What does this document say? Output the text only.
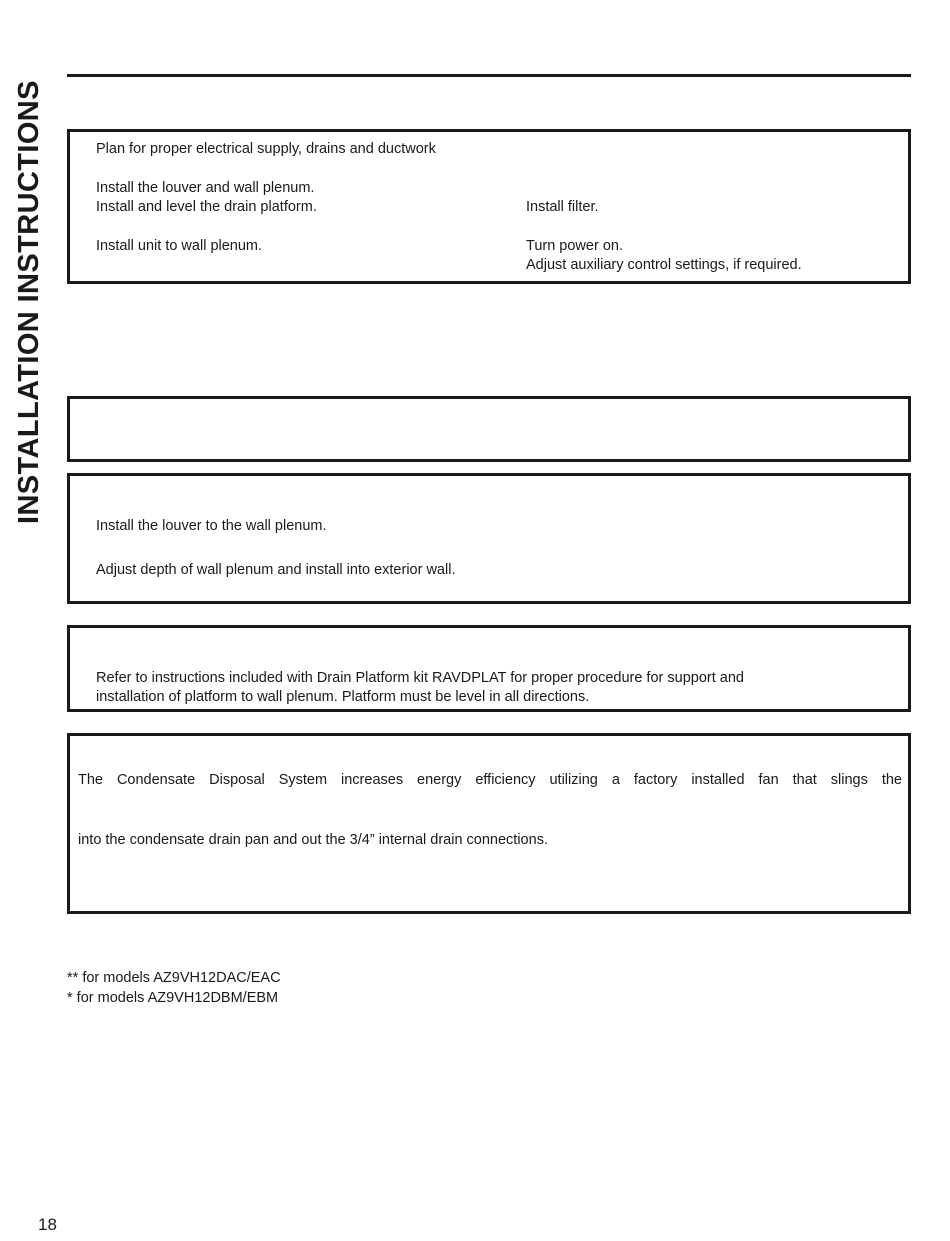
INSTALLATION INSTRUCTIONS	Plan for proper electrical supply, drains and ductwork
Install the louver and wall plenum.
Install and level the drain platform.
Install unit to wall plenum.
Install filter.
Turn power on.
Adjust auxiliary control settings, if required.
Install the louver to the wall plenum.
Adjust depth of wall plenum and install into exterior wall.
Refer to instructions included with Drain Platform kit RAVDPLAT for proper procedure for support and
installation of platform to wall plenum. Platform must be level in all directions.
The Condensate Disposal System increases energy efficiency utilizing a factory installed fan that slings the
into the condensate drain pan and out the 3/4” internal drain connections.
** for models AZ9VH12DAC/EAC
* for models AZ9VH12DBM/EBM
18
